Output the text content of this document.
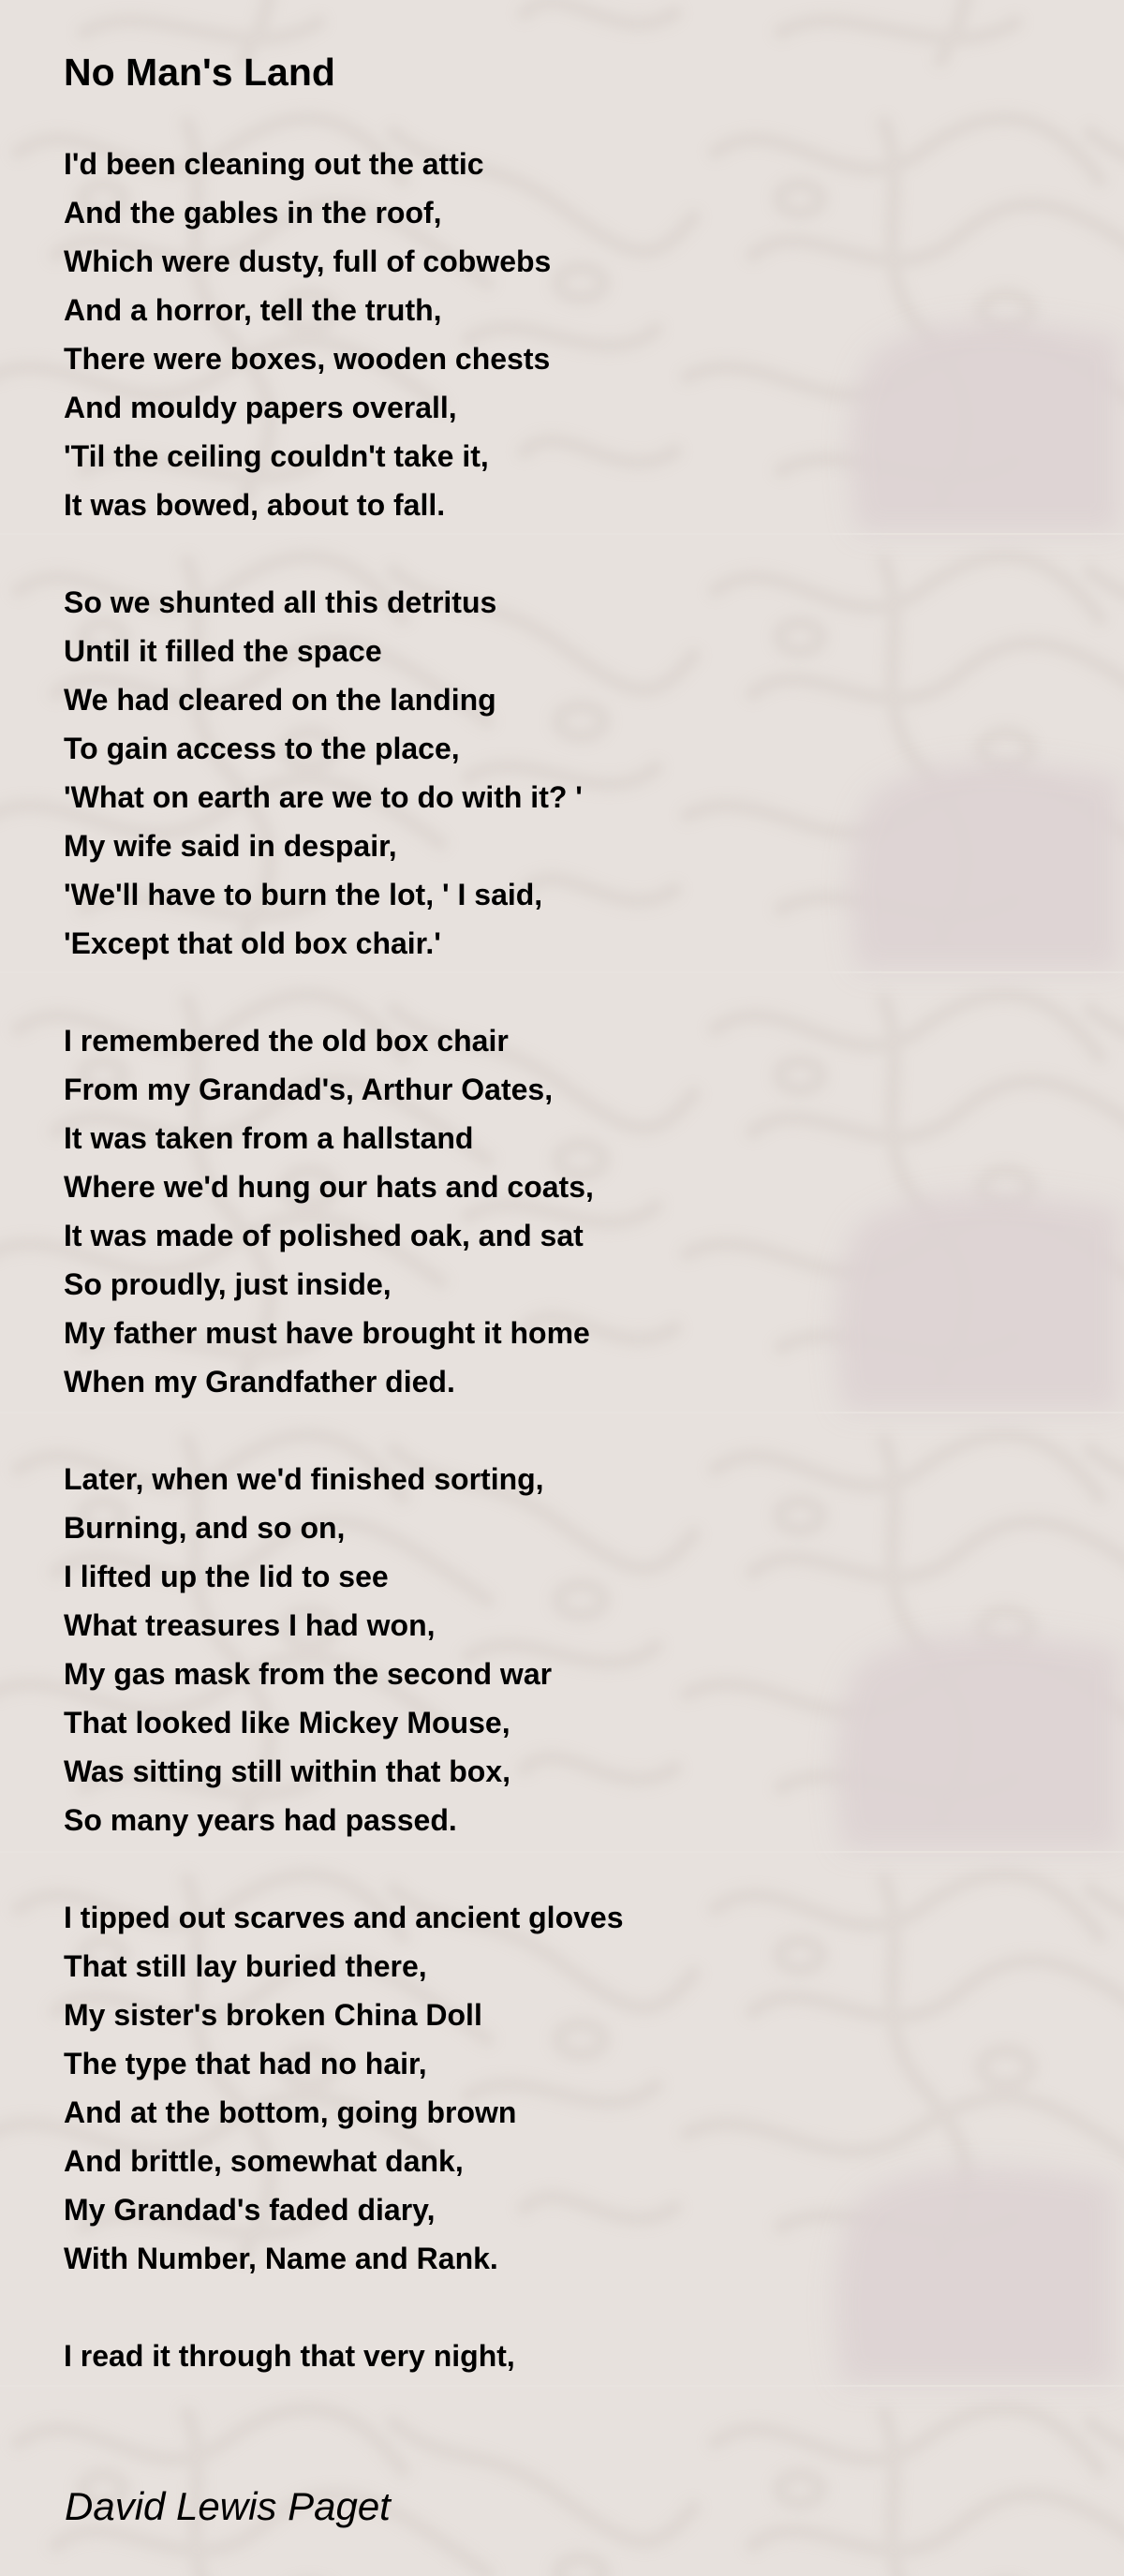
No Man's Land
I'd been cleaning out the attic
And the gables in the roof,
Which were dusty, full of cobwebs
And a horror, tell the truth,
There were boxes, wooden chests
And mouldy papers overall,
'Til the ceiling couldn't take it,
It was bowed, about to fall.
So we shunted all this detritus
Until it filled the space
We had cleared on the landing
To gain access to the place,
'What on earth are we to do with it? '
My wife said in despair,
'We'll have to burn the lot, ' I said,
'Except that old box chair.'
I remembered the old box chair
From my Grandad's, Arthur Oates,
It was taken from a hallstand
Where we'd hung our hats and coats,
It was made of polished oak, and sat
So proudly, just inside,
My father must have brought it home
When my Grandfather died.
Later, when we'd finished sorting,
Burning, and so on,
I lifted up the lid to see
What treasures I had won,
My gas mask from the second war
That looked like Mickey Mouse,
Was sitting still within that box,
So many years had passed.
I tipped out scarves and ancient gloves
That still lay buried there,
My sister's broken China Doll
The type that had no hair,
And at the bottom, going brown
And brittle, somewhat dank,
My Grandad's faded diary,
With Number, Name and Rank.
I read it through that very night,
David Lewis Paget
